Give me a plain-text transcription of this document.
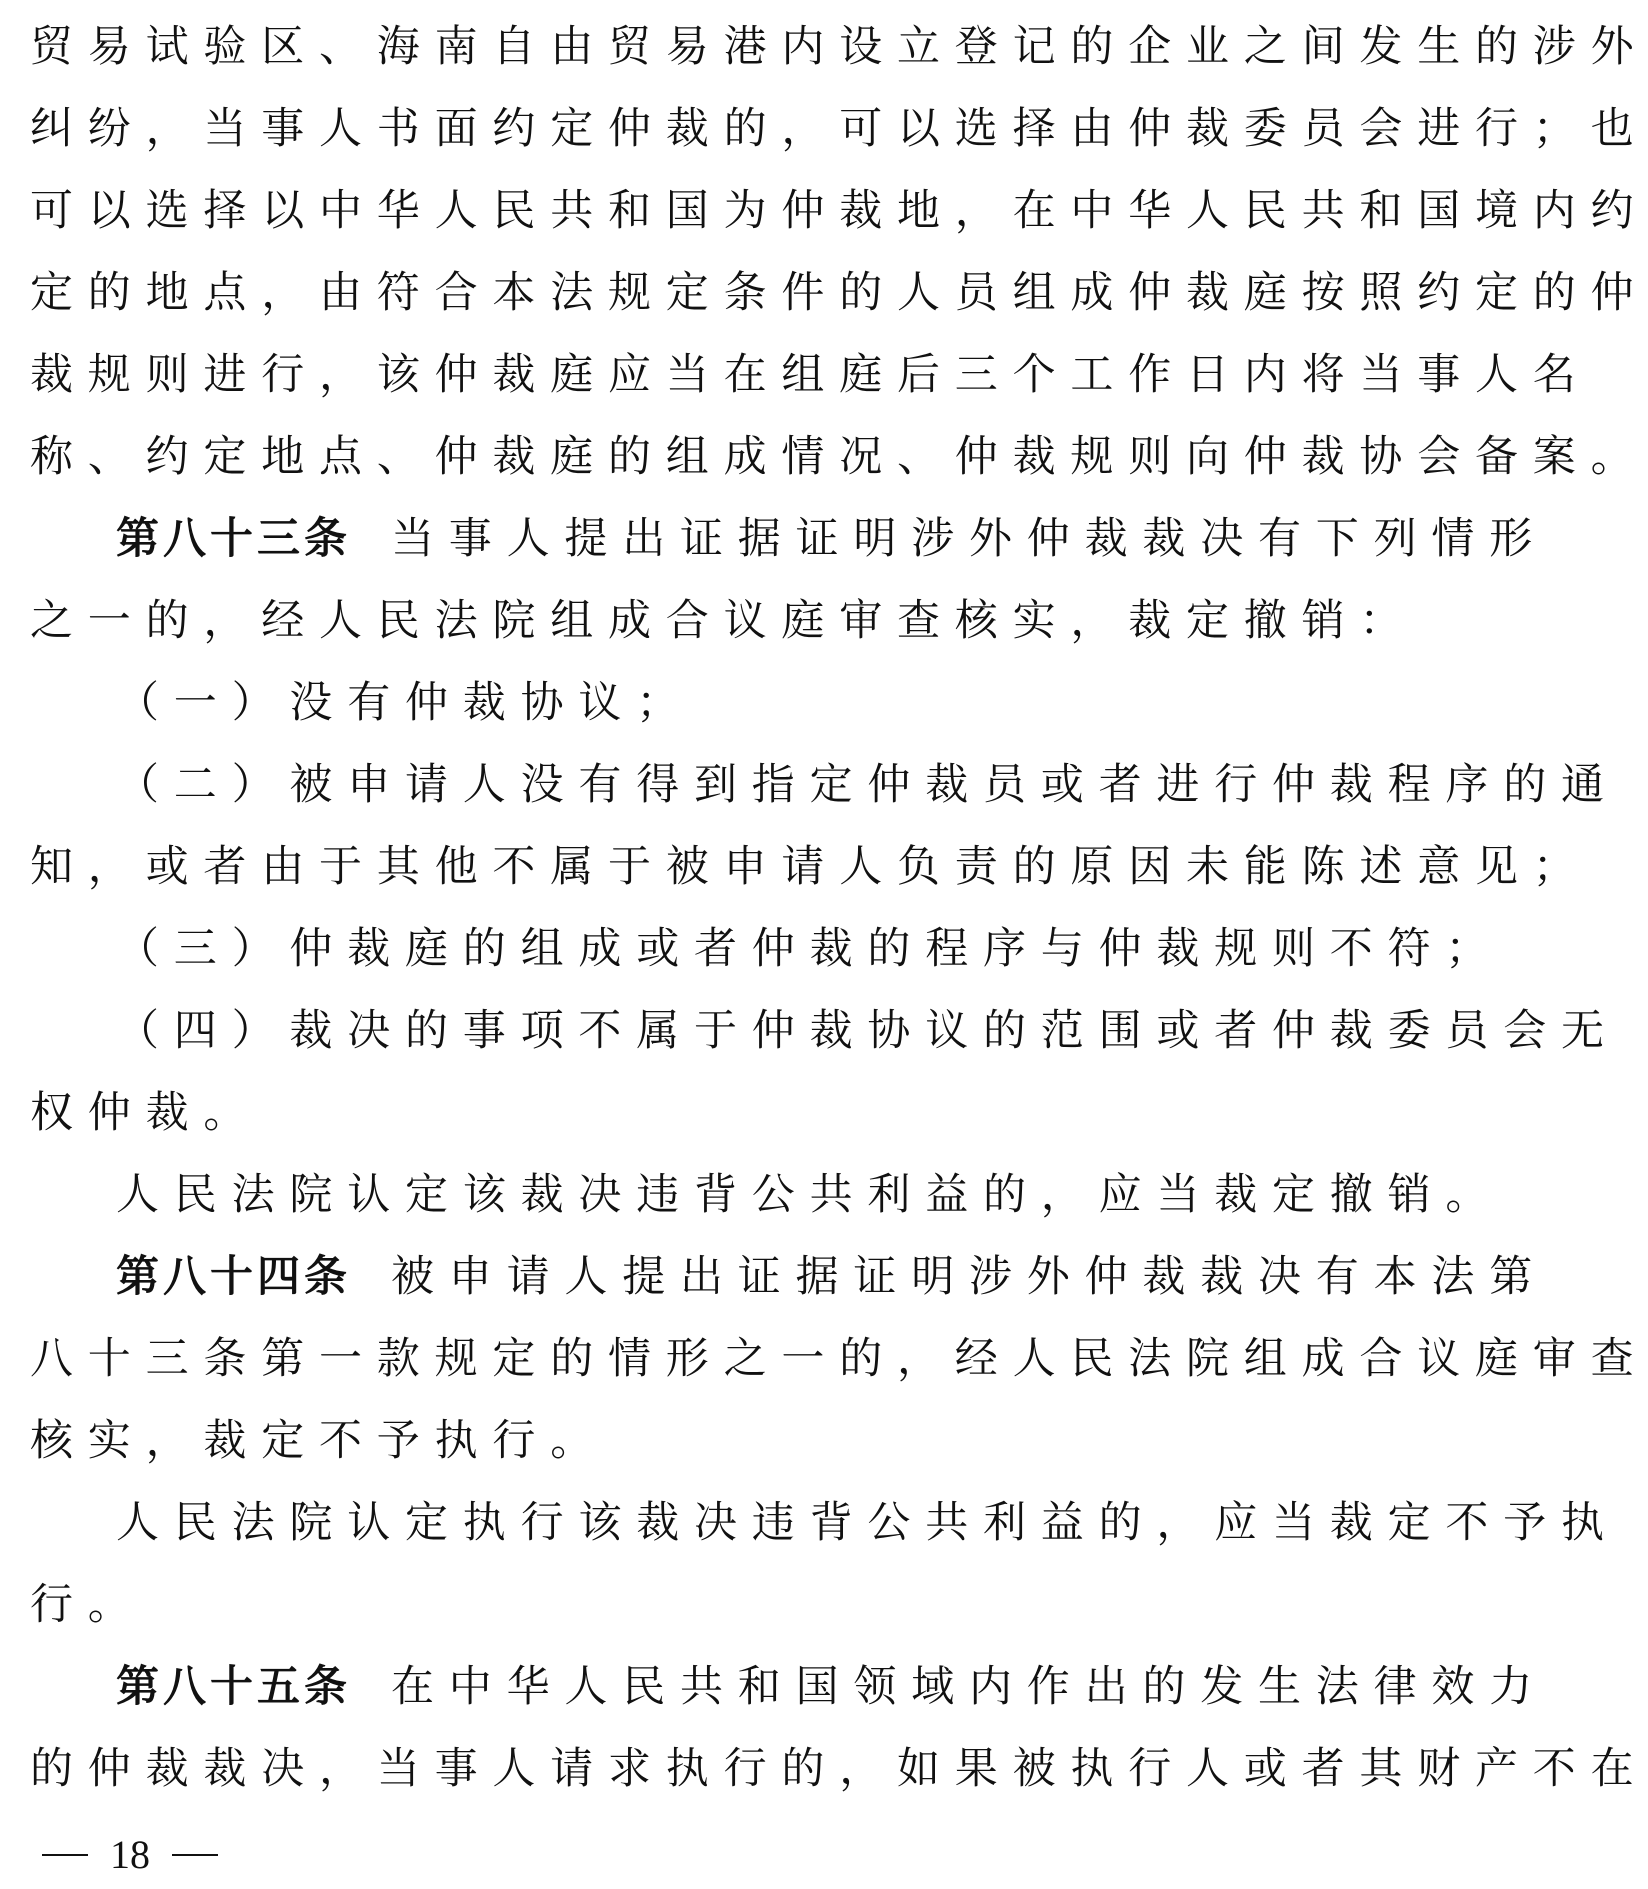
贸易试验区、海南自由贸易港内设立登记的企业之间发生的涉外
纠纷，当事人书面约定仲裁的，可以选择由仲裁委员会进行；也
可以选择以中华人民共和国为仲裁地，在中华人民共和国境内约
定的地点，由符合本法规定条件的人员组成仲裁庭按照约定的仲
裁规则进行，该仲裁庭应当在组庭后三个工作日内将当事人名
称、约定地点、仲裁庭的组成情况、仲裁规则向仲裁协会备案。
第八十三条 当事人提出证据证明涉外仲裁裁决有下列情形
之一的，经人民法院组成合议庭审查核实，裁定撤销：
（一）没有仲裁协议；
（二）被申请人没有得到指定仲裁员或者进行仲裁程序的通
知，或者由于其他不属于被申请人负责的原因未能陈述意见；
（三）仲裁庭的组成或者仲裁的程序与仲裁规则不符；
（四）裁决的事项不属于仲裁协议的范围或者仲裁委员会无
权仲裁。
人民法院认定该裁决违背公共利益的，应当裁定撤销。
第八十四条 被申请人提出证据证明涉外仲裁裁决有本法第
八十三条第一款规定的情形之一的，经人民法院组成合议庭审查
核实，裁定不予执行。
人民法院认定执行该裁决违背公共利益的，应当裁定不予执
行。
第八十五条 在中华人民共和国领域内作出的发生法律效力
的仲裁裁决，当事人请求执行的，如果被执行人或者其财产不在
18
